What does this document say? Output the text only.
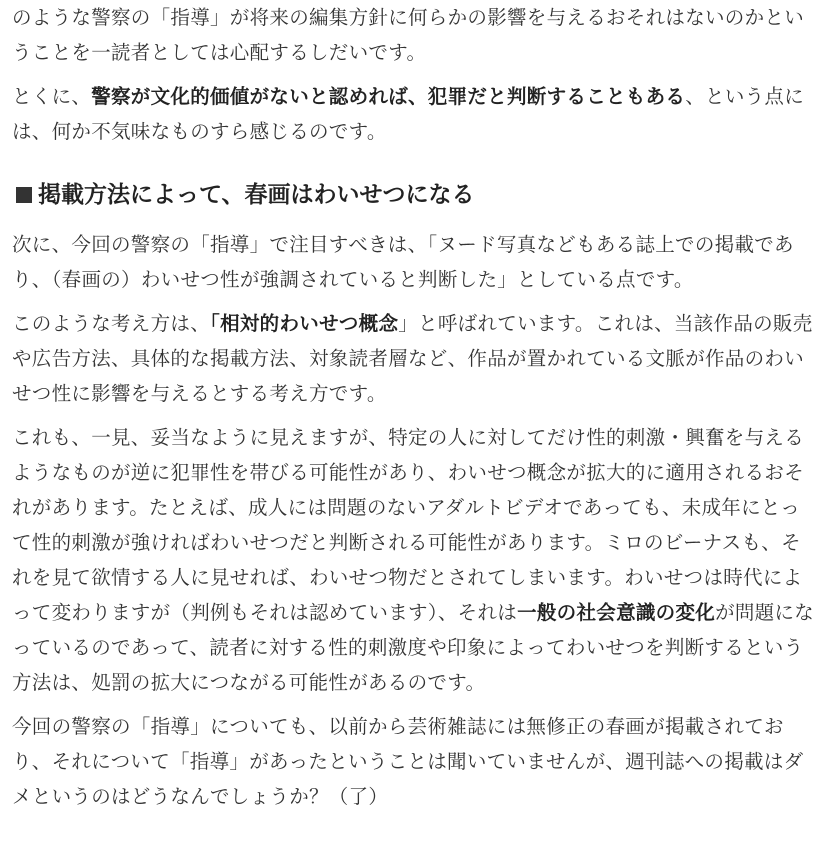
のような警察の「指導」が将来の編集方針に何らかの影響を与えるおそれはないのかということを一読者としては心配するしだいです。

とくに、警察が文化的価値がないと認めれば、犯罪だと判断することもある、という点には、何か不気味なものすら感じるのです。

掲載方法によって、春画はわいせつになる

次に、今回の警察の「指導」で注目すべきは、「ヌード写真などもある誌上での掲載であり、（春画の）わいせつ性が強調されていると判断した」としている点です。

このような考え方は、「相対的わいせつ概念」と呼ばれています。これは、当該作品の販売や広告方法、具体的な掲載方法、対象読者層など、作品が置かれている文脈が作品のわいせつ性に影響を与えるとする考え方です。

これも、一見、妥当なように見えますが、特定の人に対してだけ性的刺激・興奮を与えるようなものが逆に犯罪性を帯びる可能性があり、わいせつ概念が拡大的に適用されるおそれがあります。たとえば、成人には問題のないアダルトビデオであっても、未成年にとって性的刺激が強ければわいせつだと判断される可能性があります。ミロのビーナスも、それを見て欲情する人に見せれば、わいせつ物だとされてしまいます。わいせつは時代によって変わりますが（判例もそれは認めています）、それは一般の社会意識の変化が問題になっているのであって、読者に対する性的刺激度や印象によってわいせつを判断するという方法は、処罰の拡大につながる可能性があるのです。

今回の警察の「指導」についても、以前から芸術雑誌には無修正の春画が掲載されており、それについて「指導」があったということは聞いていませんが、週刊誌への掲載はダメというのはどうなんでしょうか？（了）
